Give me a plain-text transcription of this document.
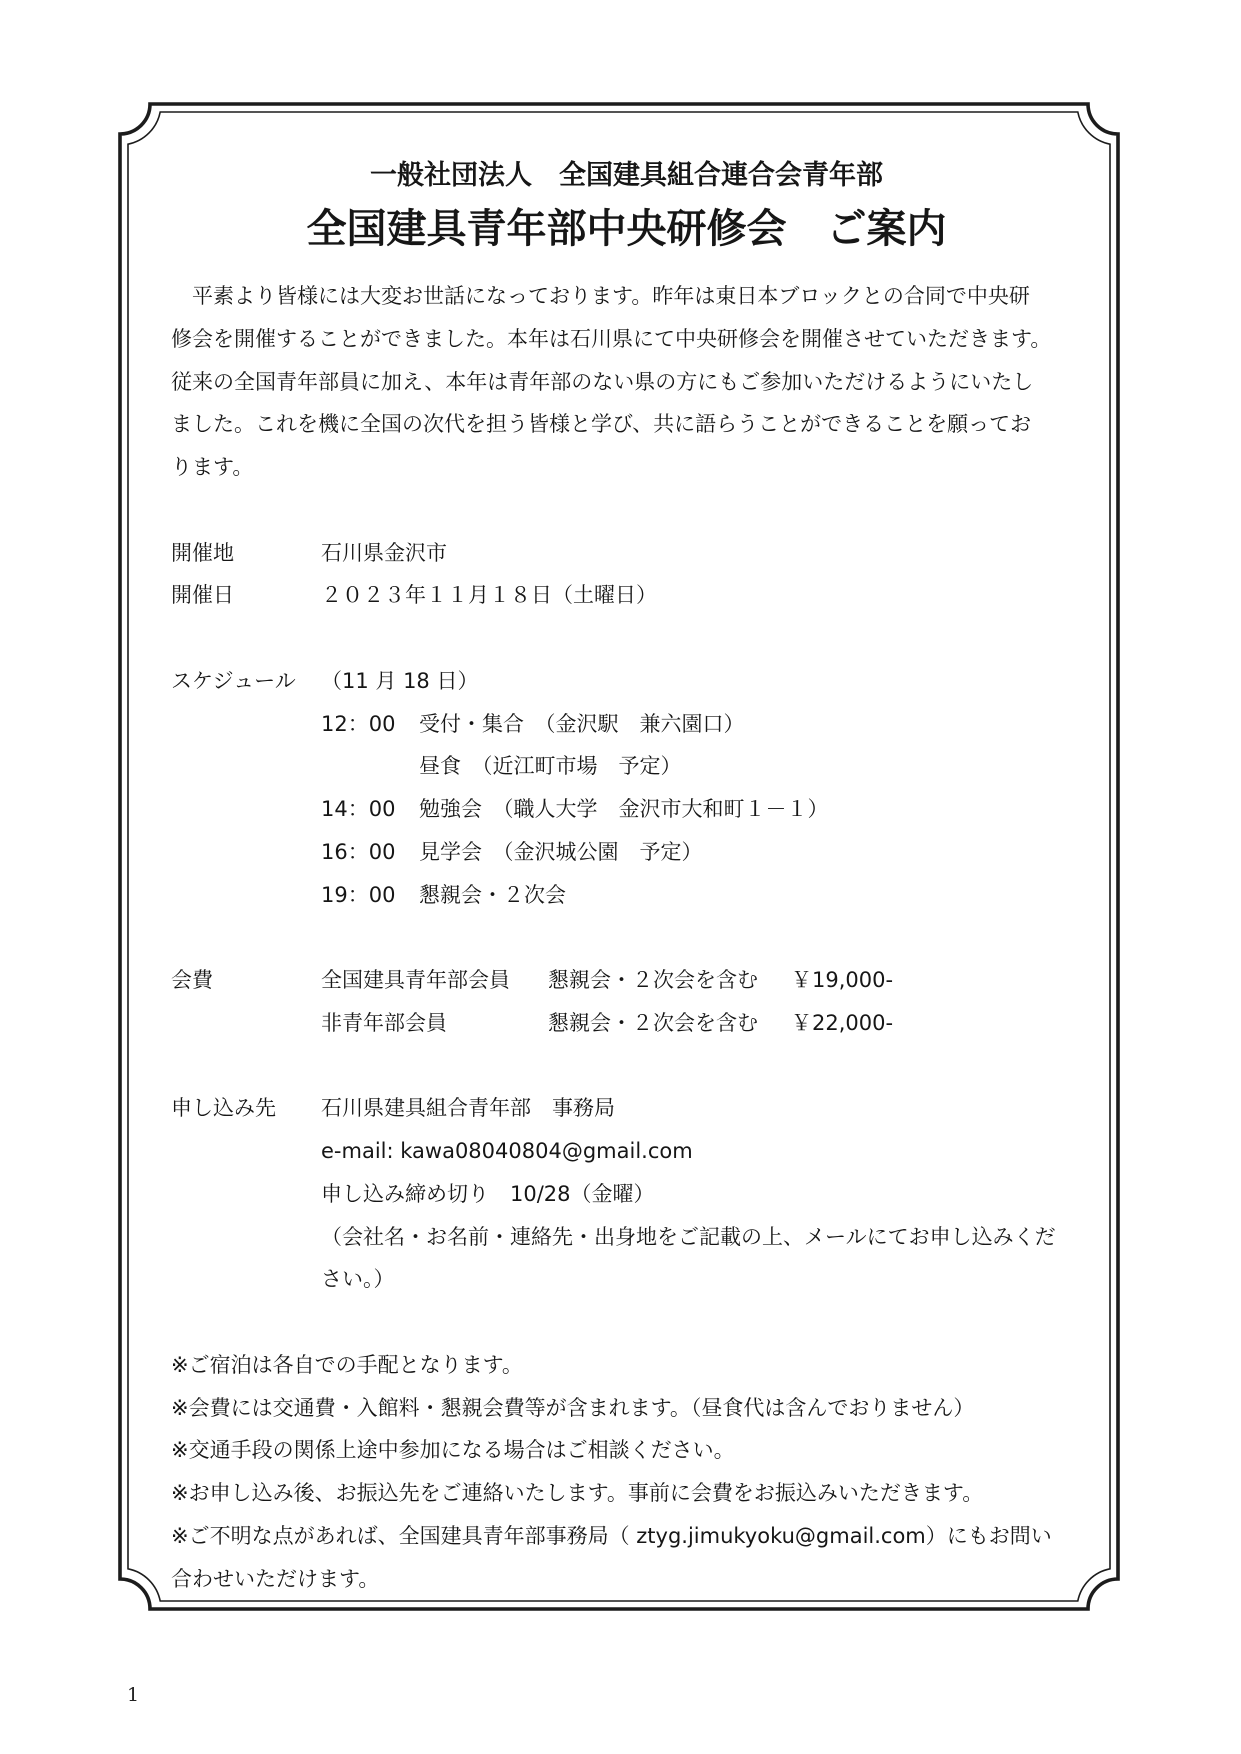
一般社団法人　全国建具組合連合会青年部
全国建具青年部中央研修会　ご案内
　平素より皆様には大変お世話になっております。昨年は東日本ブロックとの合同で中央研
修会を開催することができました。本年は石川県にて中央研修会を開催させていただきます。
従来の全国青年部員に加え、本年は青年部のない県の方にもご参加いただけるようにいたし
ました。これを機に全国の次代を担う皆様と学び、共に語らうことができることを願ってお
ります。
開催地	石川県金沢市
開催日	２０２３年１１月１８日（土曜日）
スケジュール	（11 月 18 日）
12：00	受付・集合　（金沢駅　兼六園口）
昼食　（近江町市場　予定）
14：00	勉強会　（職人大学　金沢市大和町１－１）
16：00	見学会　（金沢城公園　予定）
19：00	懇親会・２次会
会費	全国建具青年部会員	懇親会・２次会を含む	￥19,000-
非青年部会員	懇親会・２次会を含む	￥22,000-
申し込み先	石川県建具組合青年部　事務局
e-mail: kawa08040804@gmail.com
申し込み締め切り　10/28（金曜）
（会社名・お名前・連絡先・出身地をご記載の上、メールにてお申し込みくだ
さい。）
※ご宿泊は各自での手配となります。
※会費には交通費・入館料・懇親会費等が含まれます。（昼食代は含んでおりません）
※交通手段の関係上途中参加になる場合はご相談ください。
※お申し込み後、お振込先をご連絡いたします。事前に会費をお振込みいただきます。
※ご不明な点があれば、全国建具青年部事務局（ ztyg.jimukyoku@gmail.com）にもお問い
合わせいただけます。
1
